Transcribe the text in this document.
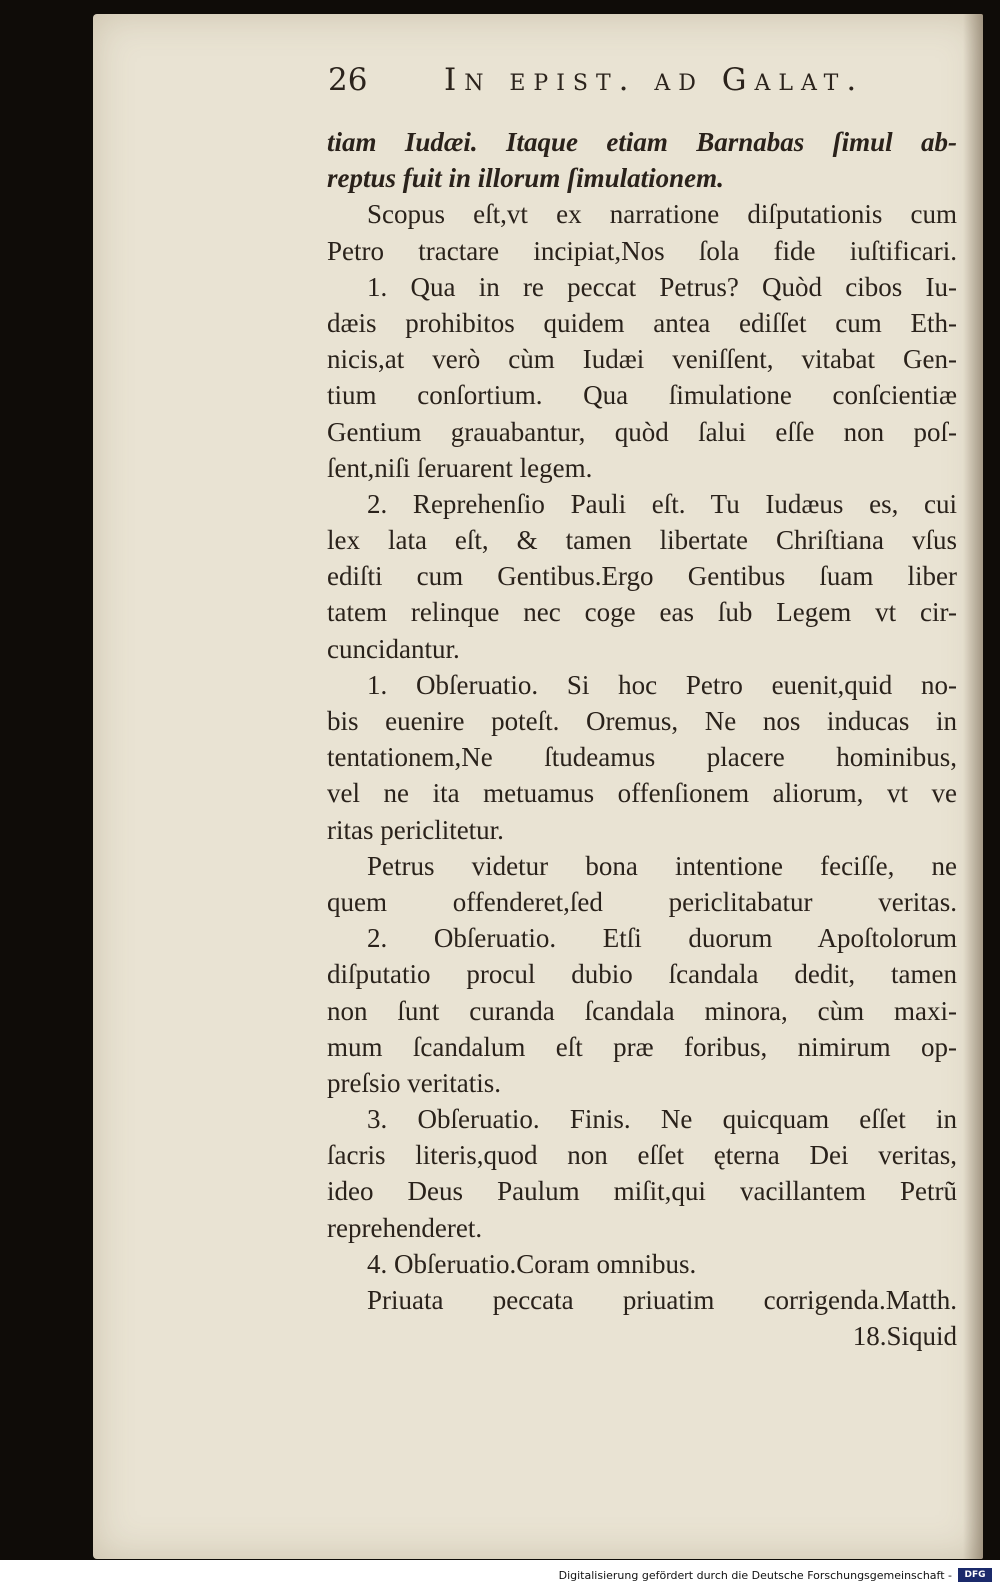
26 In epist. ad Galat.
tiam Iudæi. Itaque etiam Barnabas ſimul ab-
reptus fuit in illorum ſimulationem.
Scopus eſt,vt ex narratione diſputationis cum
Petro tractare incipiat,Nos ſola fide iuſtificari.
1. Qua in re peccat Petrus? Quòd cibos Iu-
dæis prohibitos quidem antea ediſſet cum Eth-
nicis,at verò cùm Iudæi veniſſent, vitabat Gen-
tium conſortium. Qua ſimulatione conſcientiæ
Gentium grauabantur, quòd ſalui eſſe non poſ-
ſent,niſi ſeruarent legem.
2. Reprehenſio Pauli eſt. Tu Iudæus es, cui
lex lata eſt, & tamen libertate Chriſtiana vſus
ediſti cum Gentibus.Ergo Gentibus ſuam liber
tatem relinque nec coge eas ſub Legem vt cir-
cuncidantur.
1. Obſeruatio. Si hoc Petro euenit,quid no-
bis euenire poteſt. Oremus, Ne nos inducas in
tentationem,Ne ſtudeamus placere hominibus,
vel ne ita metuamus offenſionem aliorum, vt ve
ritas periclitetur.
Petrus videtur bona intentione feciſſe, ne
quem offenderet,ſed periclitabatur veritas.
2. Obſeruatio. Etſi duorum Apoſtolorum
diſputatio procul dubio ſcandala dedit, tamen
non ſunt curanda ſcandala minora, cùm maxi-
mum ſcandalum eſt præ foribus, nimirum op-
preſsio veritatis.
3. Obſeruatio. Finis. Ne quicquam eſſet in
ſacris literis,quod non eſſet ęterna Dei veritas,
ideo Deus Paulum miſit,qui vacillantem Petrũ
reprehenderet.
4. Obſeruatio.Coram omnibus.
Priuata peccata priuatim corrigenda.Matth.
18.Siquid
Digitalisierung gefördert durch die Deutsche Forschungsgemeinschaft -	DFG
